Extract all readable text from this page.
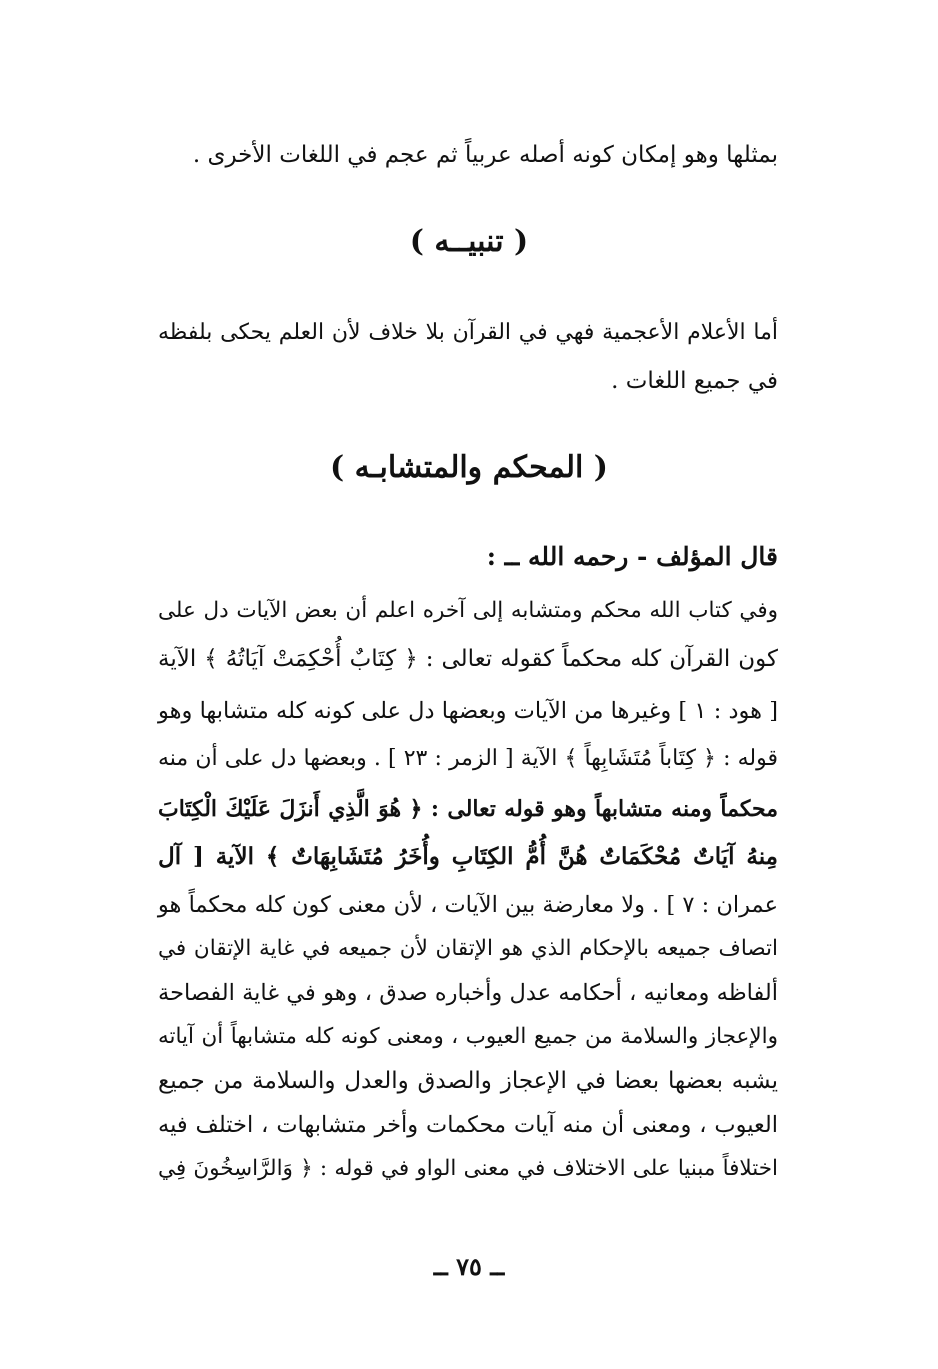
بمثلها وهو إمكان كونه أصله عربياً ثم عجم في اللغات الأخرى .
( تنبيــه )
أما الأعلام الأعجمية فهي في القرآن بلا خلاف لأن العلم يحكى بلفظه
في جميع اللغات .
( المحكم والمتشابـه )
قال المؤلف - رحمه الله ــ :
وفي كتاب الله محكم ومتشابه إلى آخره اعلم أن بعض الآيات دل على
كون القرآن كله محكماً كقوله تعالى : ﴿ كِتَابٌ أُحْكِمَتْ آيَاتُهُ ﴾ الآية
[ هود : ١ ] وغيرها من الآيات وبعضها دل على كونه كله متشابها وهو
قوله : ﴿ كِتَاباً مُتَشَابِهاً ﴾ الآية [ الزمر : ٢٣ ] . وبعضها دل على أن منه
محكماً ومنه متشابهاً وهو قوله تعالى : ﴿ هُوَ الَّذِي أَنزَلَ عَلَيْكَ الْكِتَابَ
مِنهُ آيَاتٌ مُحْكَمَاتٌ هُنَّ أُمُّ الكِتَابِ وأُخَرُ مُتَشَابِهَاتٌ ﴾ الآية [ آل
عمران : ٧ ] . ولا معارضة بين الآيات ، لأن معنى كون كله محكماً هو
اتصاف جميعه بالإحكام الذي هو الإتقان لأن جميعه في غاية الإتقان في
ألفاظه ومعانيه ، أحكامه عدل وأخباره صدق ، وهو في غاية الفصاحة
والإعجاز والسلامة من جميع العيوب ، ومعنى كونه كله متشابهاً أن آياته
يشبه بعضها بعضا في الإعجاز والصدق والعدل والسلامة من جميع
العيوب ، ومعنى أن منه آيات محكمات وأخر متشابهات ، اختلف فيه
اختلافاً مبنيا على الاختلاف في معنى الواو في قوله : ﴿ وَالرَّاسِخُونَ فِي
ــ ٧٥ ــ
